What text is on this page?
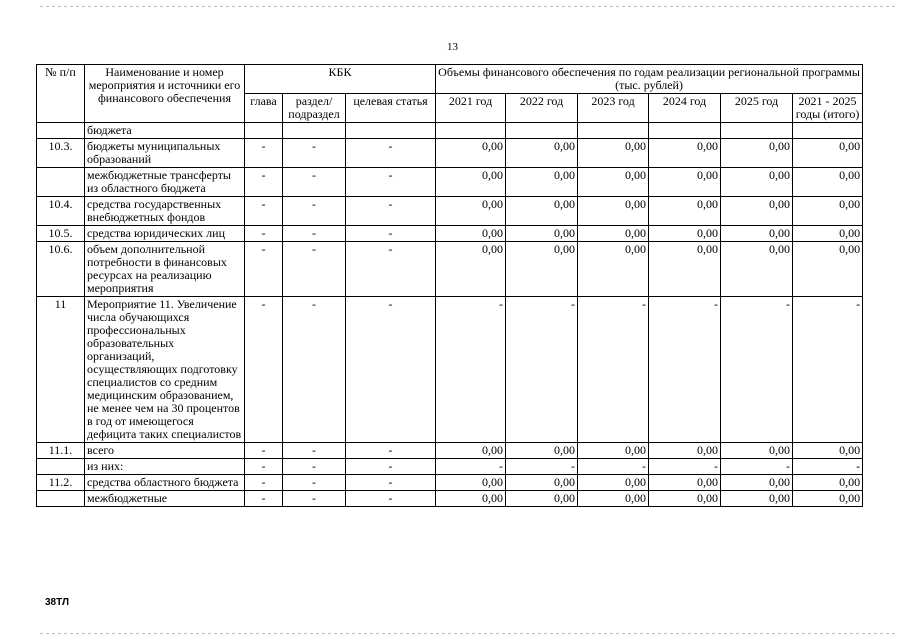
13
№ п/п	Наименование и номер мероприятия и источники его финансового обеспечения	КБК			Объемы финансового обеспечения по годам реализации региональной программы (тыс. рублей)					
		глава	раздел/ подраздел	целевая статья	2021 год	2022 год	2023 год	2024 год	2025 год	2021 - 2025 годы (итого)
	бюджета									
10.3.	бюджеты муниципальных образований	-	-	-	0,00	0,00	0,00	0,00	0,00	0,00
	межбюджетные трансферты из областного бюджета	-	-	-	0,00	0,00	0,00	0,00	0,00	0,00
10.4.	средства государственных внебюджетных фондов	-	-	-	0,00	0,00	0,00	0,00	0,00	0,00
10.5.	средства юридических лиц	-	-	-	0,00	0,00	0,00	0,00	0,00	0,00
10.6.	объем дополнительной потребности в финансовых ресурсах на реализацию мероприятия	-	-	-	0,00	0,00	0,00	0,00	0,00	0,00
11	Мероприятие 11. Увеличение числа обучающихся профессиональных образовательных организаций, осуществляющих подготовку специалистов со средним медицинским образованием, не менее чем на 30 процентов в год от имеющегося дефицита таких специалистов	-	-	-	-	-	-	-	-	-
11.1.	всего	-	-	-	0,00	0,00	0,00	0,00	0,00	0,00
	из них:	-	-	-	-	-	-	-	-	-
11.2.	средства областного бюджета	-	-	-	0,00	0,00	0,00	0,00	0,00	0,00
	межбюджетные	-	-	-	0,00	0,00	0,00	0,00	0,00	0,00
38ТЛ
